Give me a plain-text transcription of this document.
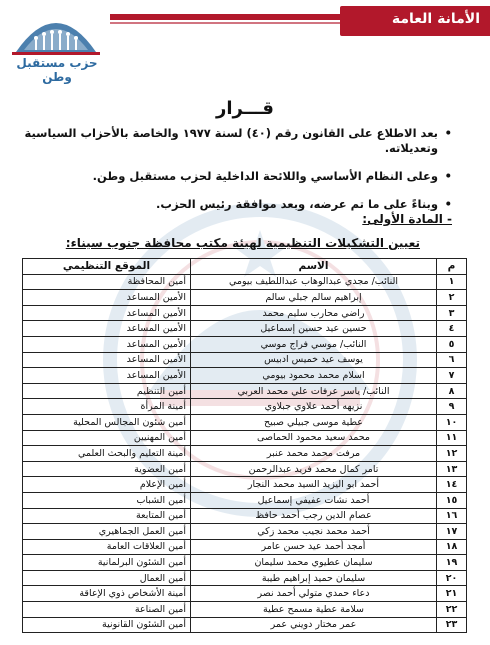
الأمانة العامة
حزب مستقبل وطن
قـــرار
• بعد الاطلاع على القانون رقم (٤٠) لسنة ١٩٧٧ والخاصة بالأحزاب السياسية وتعديلاته.
• وعلى النظام الأساسي واللائحة الداخلية لحزب مستقبل وطن.
• وبناءً على ما تم عرضه، وبعد موافقة رئيس الحزب.
- المادة الأولى:
تعيين التشكيلات التنظيمية لهيئة مكتب محافظة جنوب سيناء:
م	الاسم	الموقع التنظيمي
١	النائب/ مجدي عبدالوهاب عبداللطيف بيومي	أمين المحافظة
٢	إبراهيم سالم جبلي سالم	الأمين المساعد
٣	راضي محارب سليم محمد	الأمين المساعد
٤	حسين عيد حسين إسماعيل	الأمين المساعد
٥	النائب/ موسي فراج موسي	الأمين المساعد
٦	يوسف عيد خميس ادبيس	الأمين المساعد
٧	اسلام محمد محمود بيومي	الأمين المساعد
٨	النائب/ ياسر عرفات علي محمد العربي	أمين التنظيم
٩	نزيهه أحمد علاوي جبلاوي	أمينة المرأة
١٠	عطية موسى جبيلي صبيح	أمين شئون المجالس المحلية
١١	محمد سعيد محمود الحماصى	أمين المهنيين
١٢	مرفت محمد محمد عنبر	أمينة التعليم والبحث العلمي
١٣	تامر كمال محمد فريد عبدالرحمن	أمين العضوية
١٤	أحمد ابو اليزيد السيد محمد النجار	أمين الإعلام
١٥	أحمد نشات عفيفي إسماعيل	أمين الشباب
١٦	عصام الدين رجب أحمد حافظ	أمين المتابعة
١٧	أحمد محمد نجيب محمد زكي	أمين العمل الجماهيري
١٨	أمجد أحمد عيد حسن عامر	أمين العلاقات العامة
١٩	سليمان عطيوي محمد سليمان	أمين الشئون البرلمانية
٢٠	سليمان حميد إبراهيم طيبة	أمين العمال
٢١	دعاء حمدي متولي أحمد نصر	أمينة الأشخاص ذوي الإعاقة
٢٢	سلامة عطية مسمح عطية	أمين الصناعة
٢٣	عمر مختار دويني عمر	أمين الشئون القانونية
